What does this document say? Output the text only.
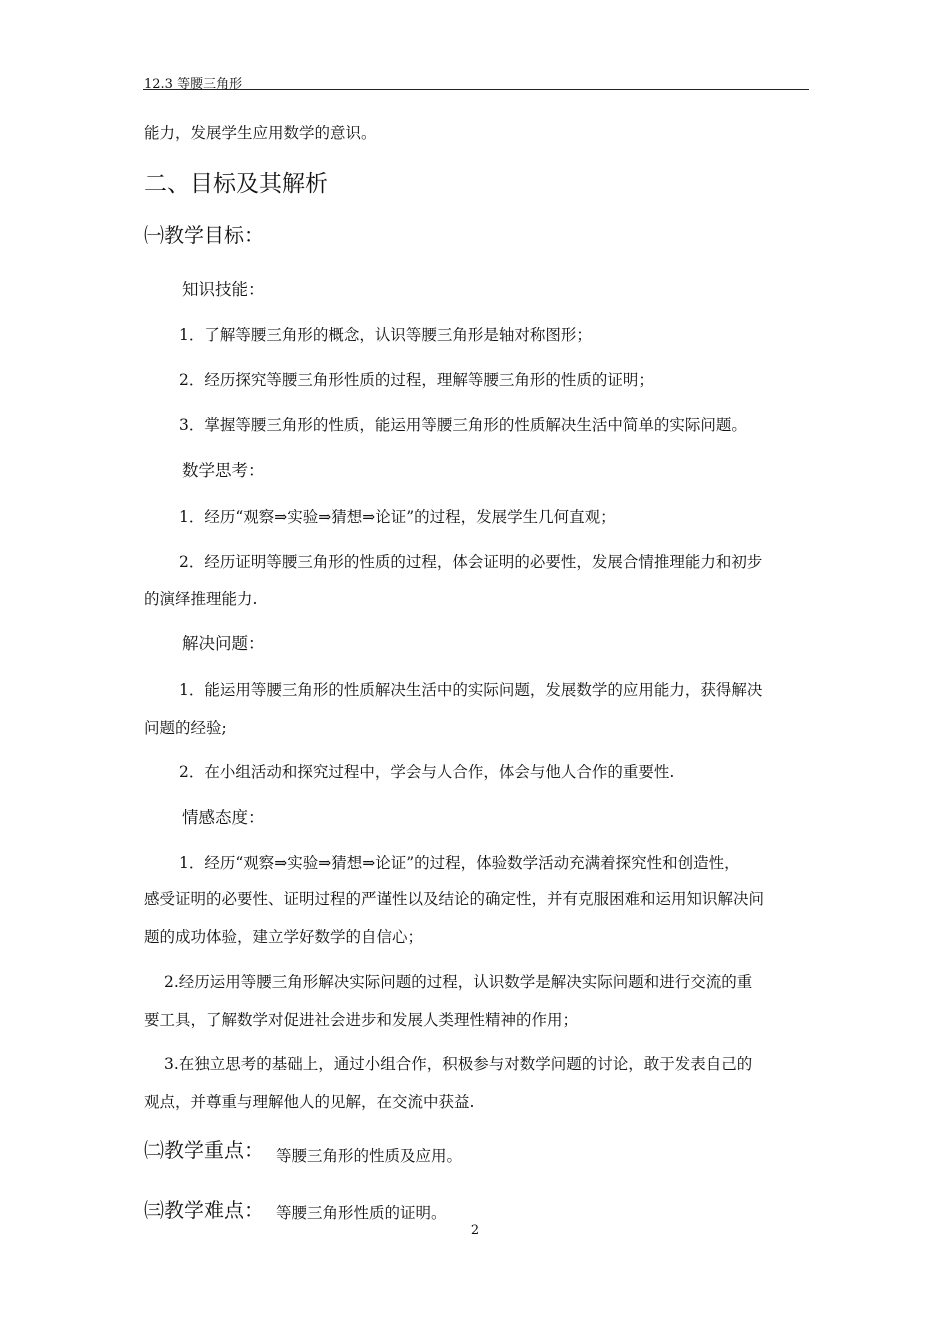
12.3 等腰三角形
能力，发展学生应用数学的意识。
二、目标及其解析
㈠教学目标：
知识技能：
1．了解等腰三角形的概念，认识等腰三角形是轴对称图形；
2．经历探究等腰三角形性质的过程，理解等腰三角形的性质的证明；
3．掌握等腰三角形的性质，能运用等腰三角形的性质解决生活中简单的实际问题。
数学思考：
1．经历“观察⇒实验⇒猜想⇒论证”的过程，发展学生几何直观；
2．经历证明等腰三角形的性质的过程，体会证明的必要性，发展合情推理能力和初步
的演绎推理能力.
解决问题：
1．能运用等腰三角形的性质解决生活中的实际问题，发展数学的应用能力，获得解决
问题的经验;
2．在小组活动和探究过程中，学会与人合作，体会与他人合作的重要性.
情感态度：
1．经历“观察⇒实验⇒猜想⇒论证”的过程，体验数学活动充满着探究性和创造性，
感受证明的必要性、证明过程的严谨性以及结论的确定性，并有克服困难和运用知识解决问
题的成功体验，建立学好数学的自信心；
2.经历运用等腰三角形解决实际问题的过程，认识数学是解决实际问题和进行交流的重
要工具，了解数学对促进社会进步和发展人类理性精神的作用；
3.在独立思考的基础上，通过小组合作，积极参与对数学问题的讨论，敢于发表自己的
观点，并尊重与理解他人的见解，在交流中获益.
㈡教学重点： 等腰三角形的性质及应用。
㈢教学难点： 等腰三角形性质的证明。
2
